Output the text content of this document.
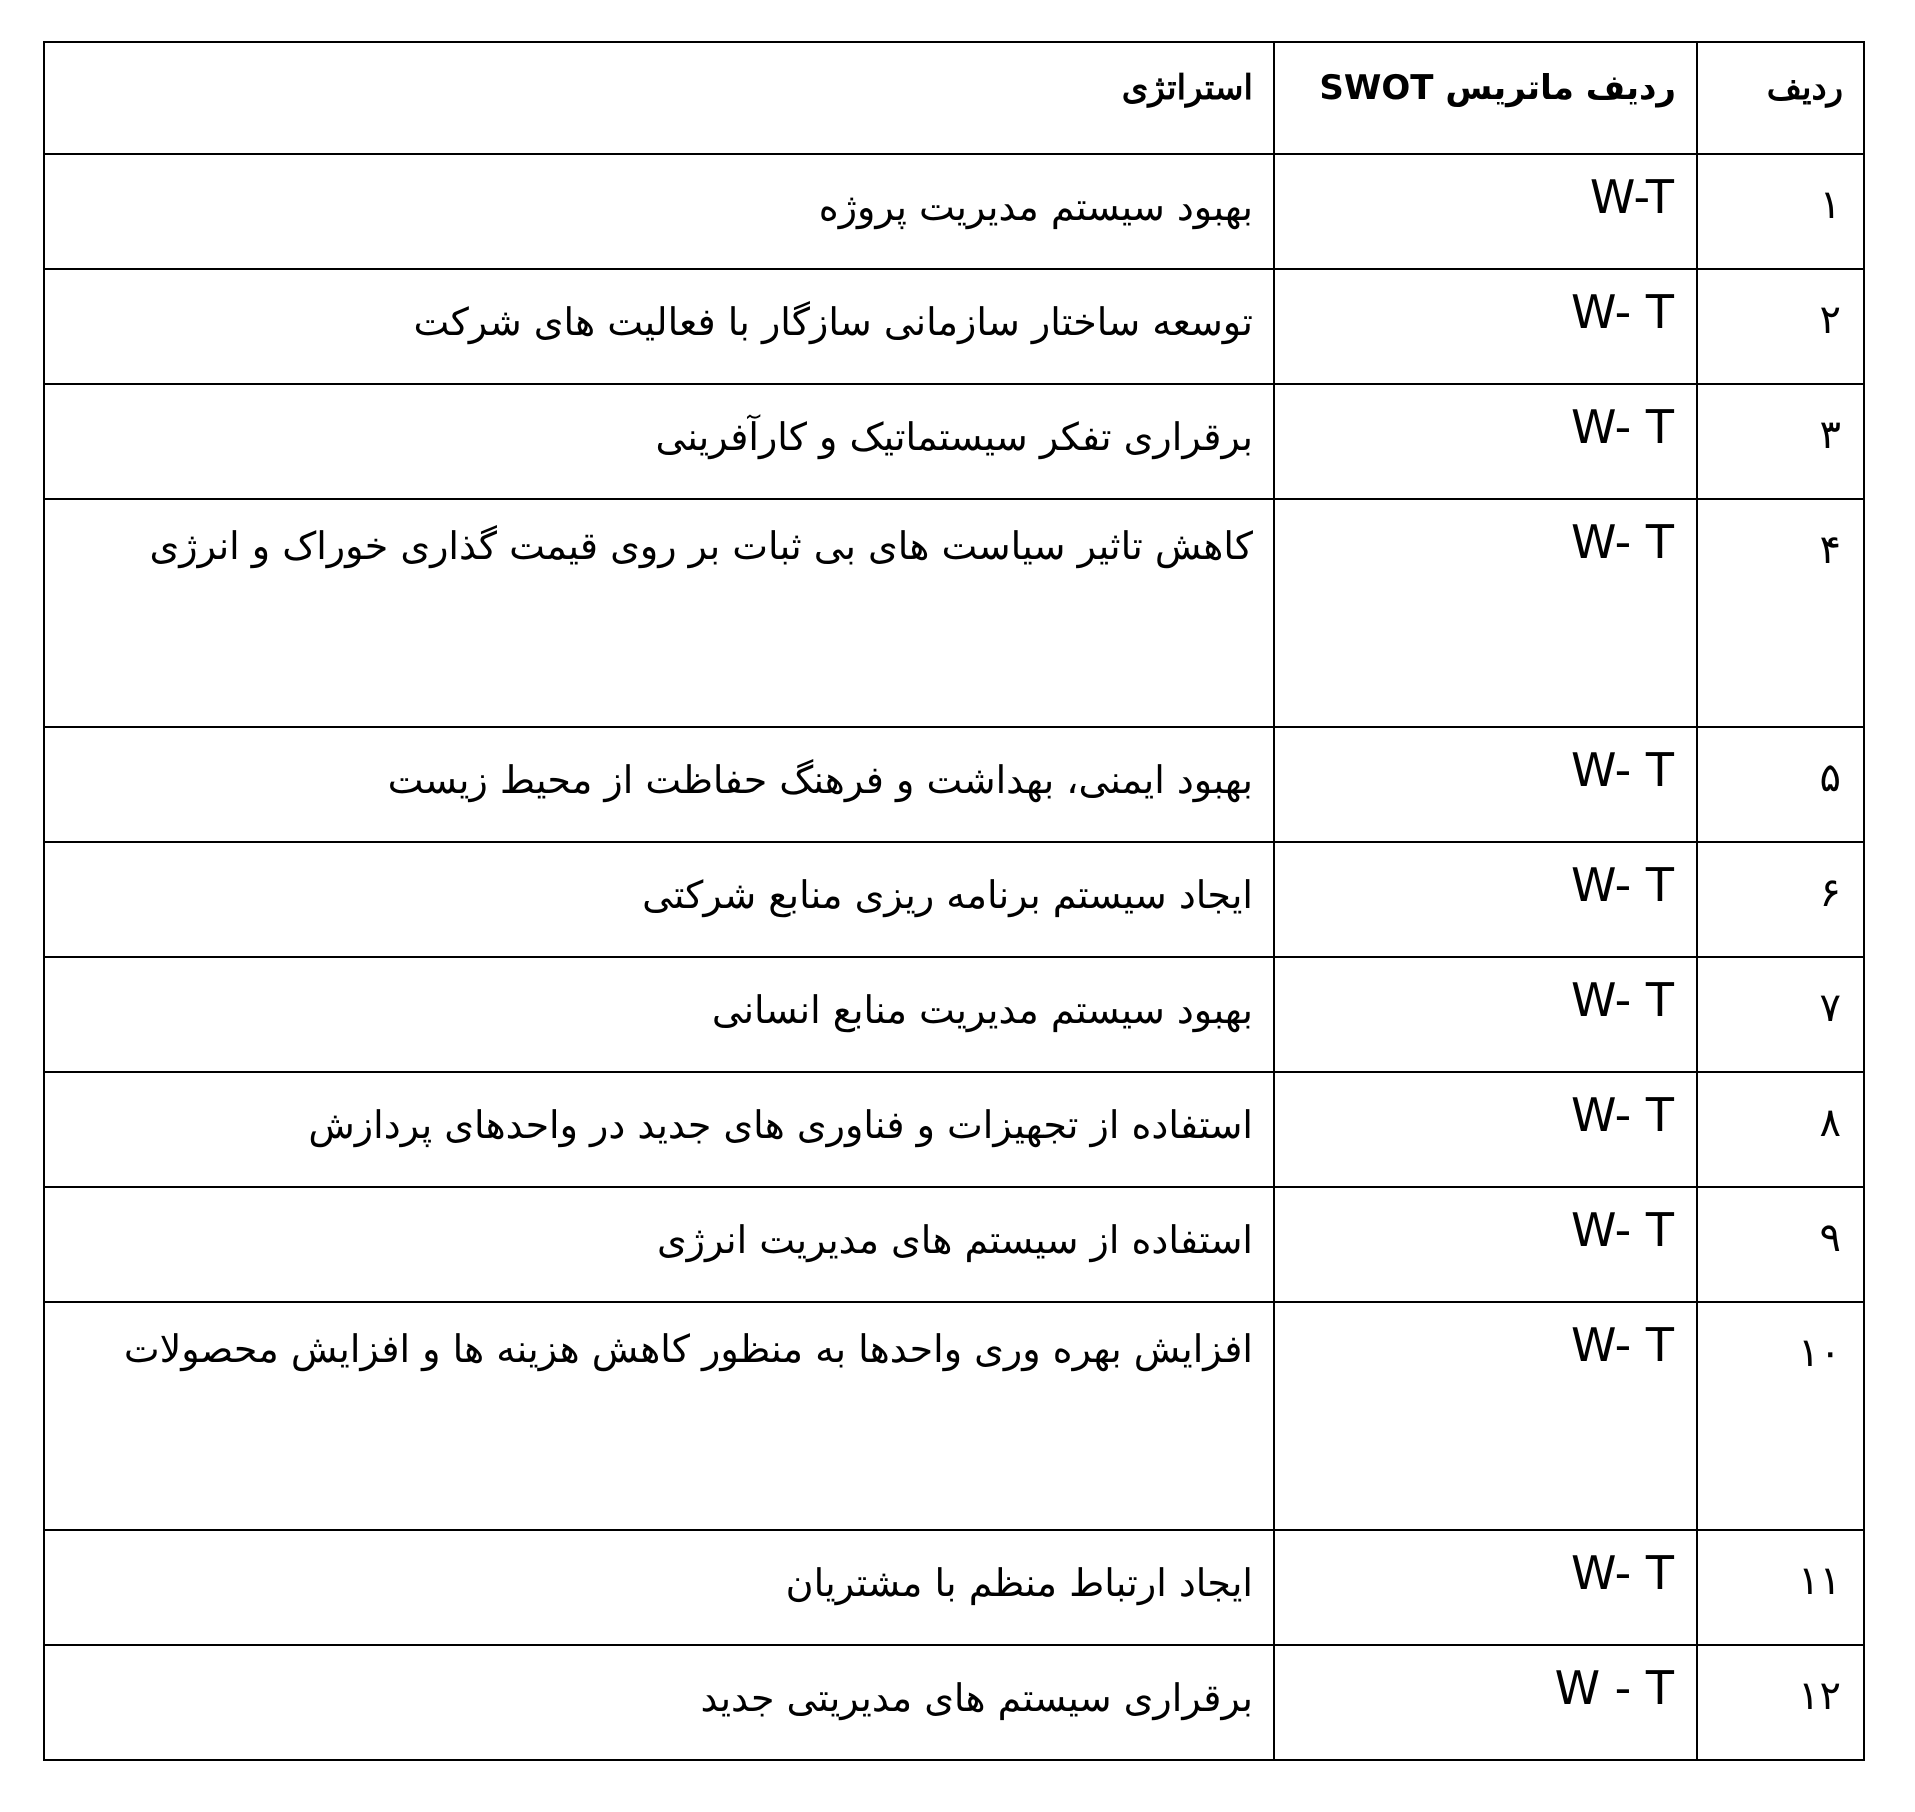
ردیف	ردیف ماتریس SWOT	استراتژی

۱	W-T	بهبود سیستم مدیریت پروژه

۲	W- T	توسعه ساختار سازمانی سازگار با فعالیت های شرکت

۳	W- T	برقراری تفکر سیستماتیک و کارآفرینی

۴	W- T	کاهش تاثیر سیاست های بی ثبات بر روی قیمت گذاری خوراک و انرژی

۵	W- T	بهبود ایمنی، بهداشت و فرهنگ حفاظت از محیط زیست

۶	W- T	ایجاد سیستم برنامه ریزی منابع شرکتی

۷	W- T	بهبود سیستم مدیریت منابع انسانی

۸	W- T	استفاده از تجهیزات و فناوری های جدید در واحدهای پردازش

۹	W- T	استفاده از سیستم های مدیریت انرژی

۱۰	W- T	افزایش بهره وری واحدها به منظور کاهش هزینه ها و افزایش محصولات

۱۱	W- T	ایجاد ارتباط منظم با مشتریان

۱۲	W - T	برقراری سیستم های مدیریتی جدید
